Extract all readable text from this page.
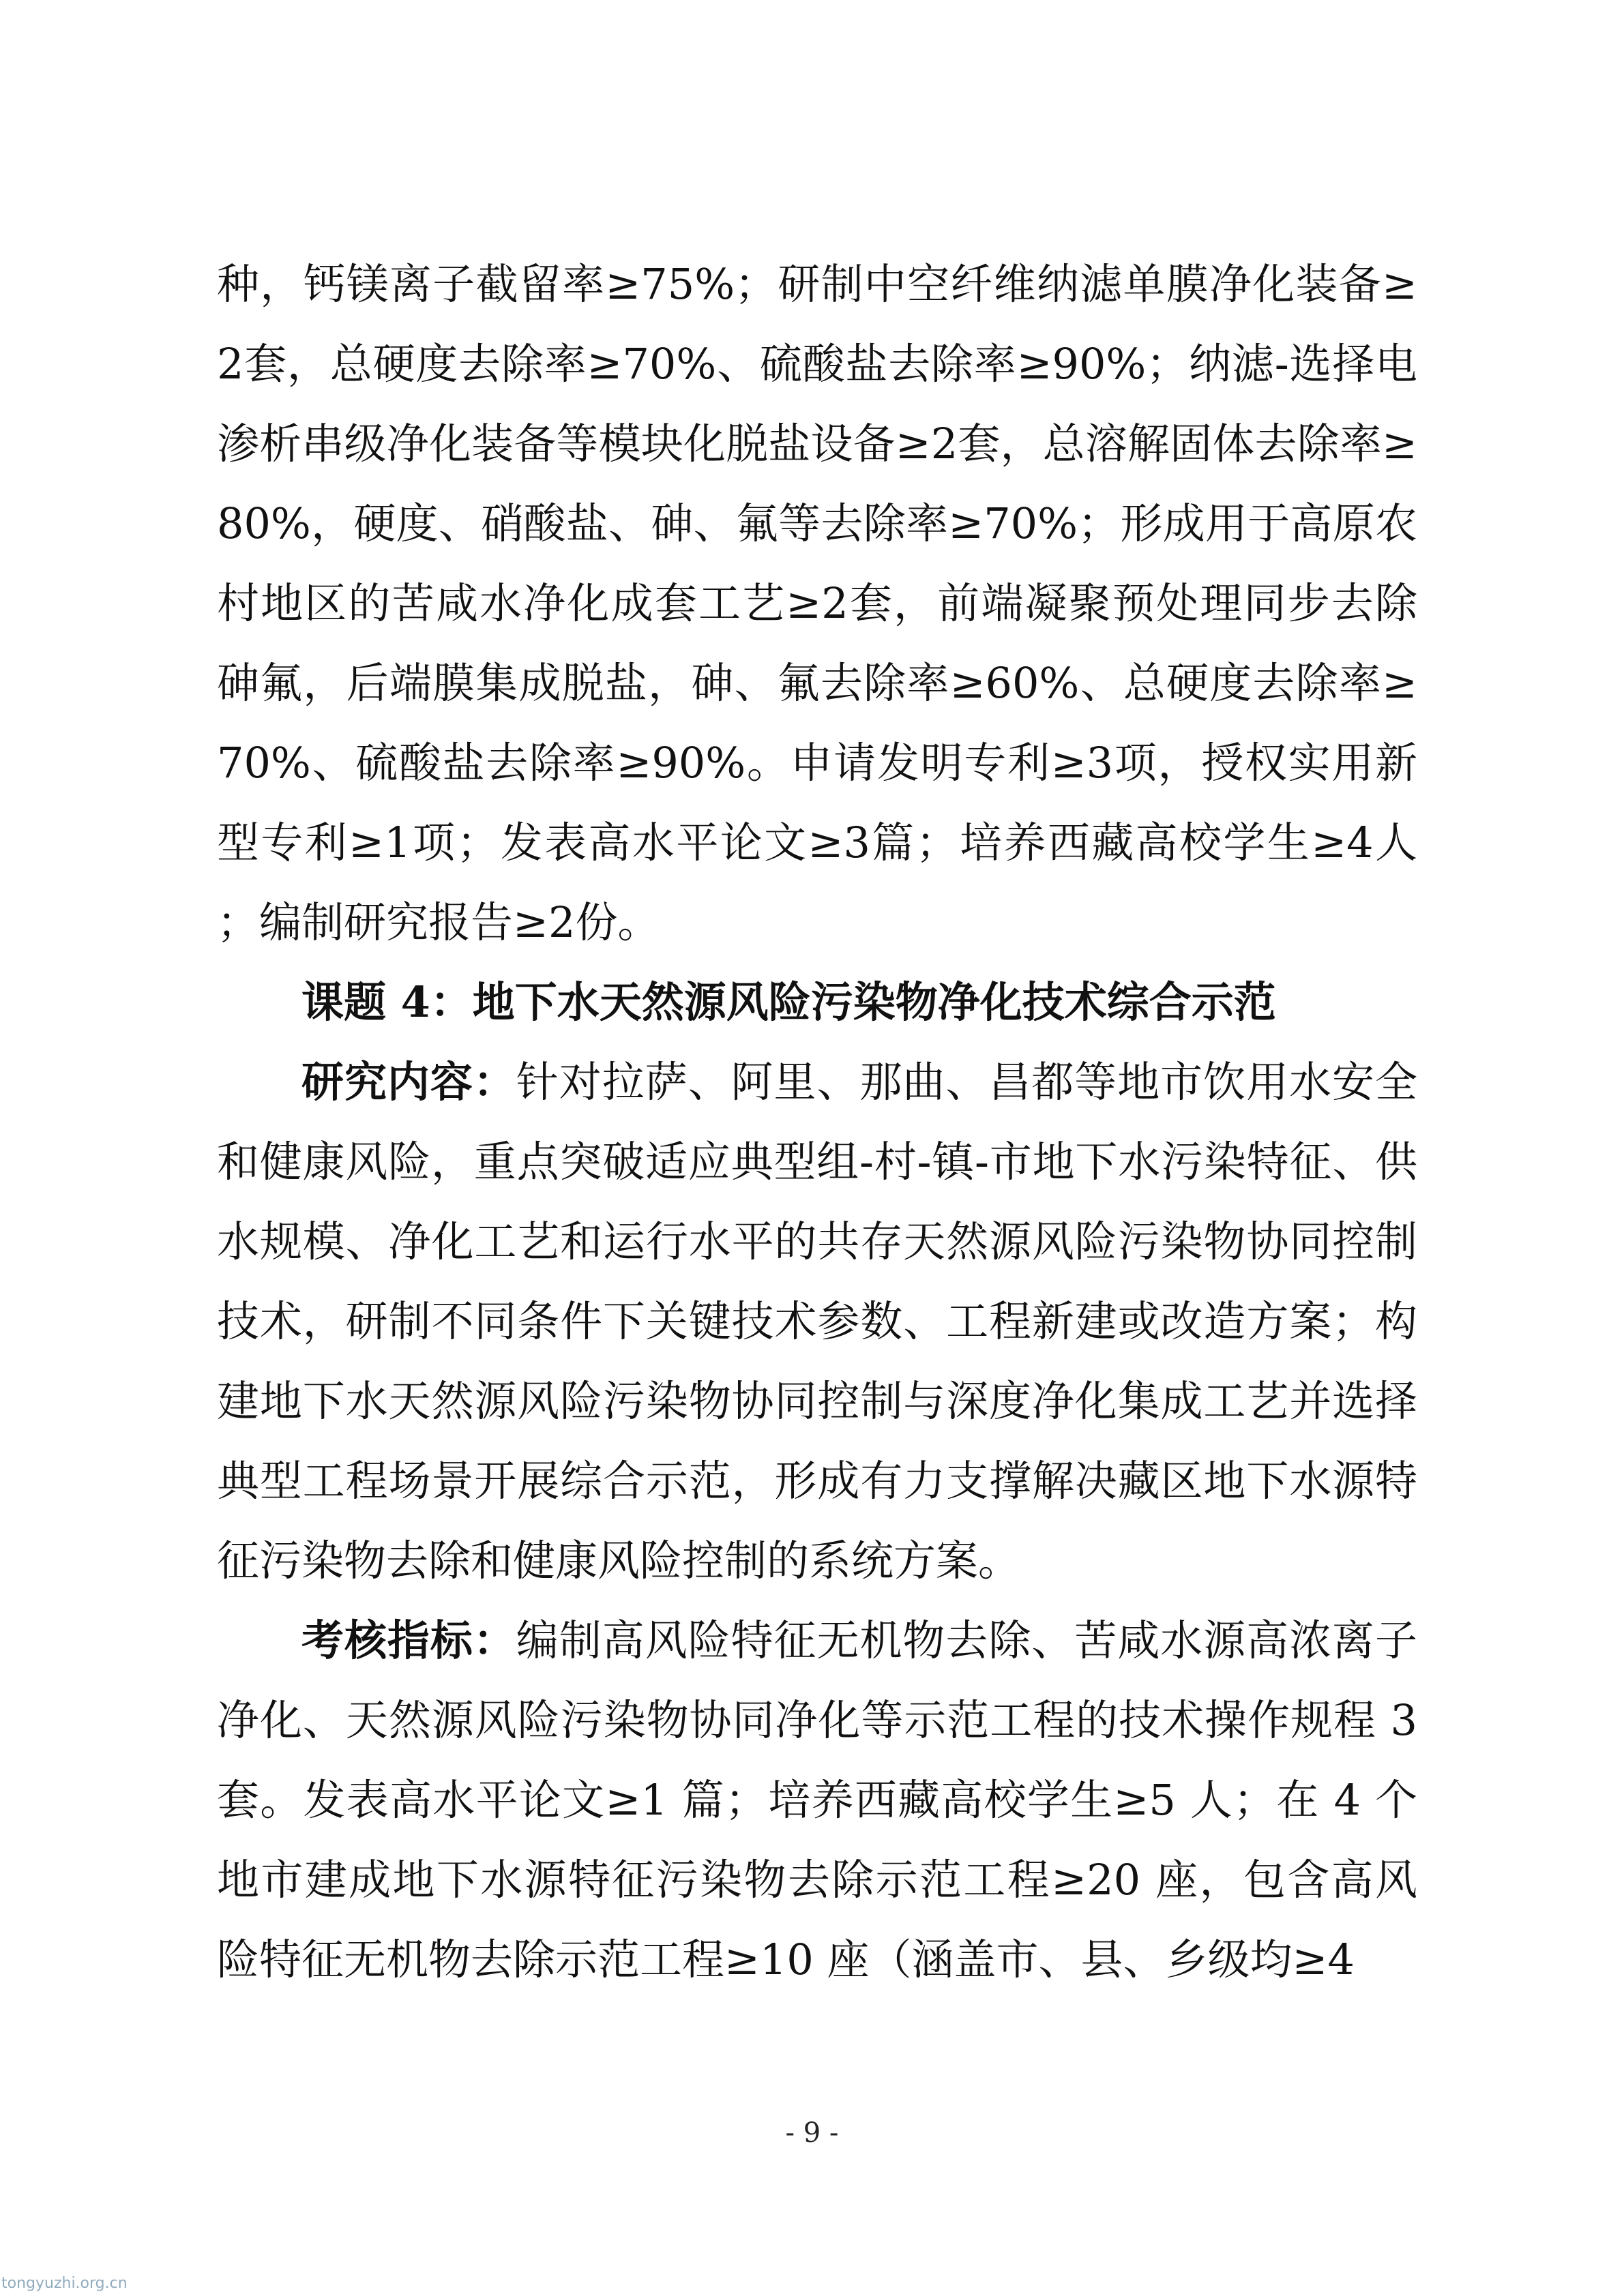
种，钙镁离子截留率≥75%；研制中空纤维纳滤单膜净化装备≥2套，总硬度去除率≥70%、硫酸盐去除率≥90%；纳滤-选择电渗析串级净化装备等模块化脱盐设备≥2套，总溶解固体去除率≥80%，硬度、硝酸盐、砷、氟等去除率≥70%；形成用于高原农村地区的苦咸水净化成套工艺≥2套，前端凝聚预处理同步去除砷氟，后端膜集成脱盐，砷、氟去除率≥60%、总硬度去除率≥70%、硫酸盐去除率≥90%。申请发明专利≥3项，授权实用新型专利≥1项；发表高水平论文≥3篇；培养西藏高校学生≥4人；编制研究报告≥2份。

课题 4：地下水天然源风险污染物净化技术综合示范

研究内容：针对拉萨、阿里、那曲、昌都等地市饮用水安全和健康风险，重点突破适应典型组-村-镇-市地下水污染特征、供水规模、净化工艺和运行水平的共存天然源风险污染物协同控制技术，研制不同条件下关键技术参数、工程新建或改造方案；构建地下水天然源风险污染物协同控制与深度净化集成工艺并选择典型工程场景开展综合示范，形成有力支撑解决藏区地下水源特征污染物去除和健康风险控制的系统方案。

考核指标：编制高风险特征无机物去除、苦咸水源高浓离子净化、天然源风险污染物协同净化等示范工程的技术操作规程 3 套。发表高水平论文≥1 篇；培养西藏高校学生≥5 人；在 4 个地市建成地下水源特征污染物去除示范工程≥20 座，包含高风险特征无机物去除示范工程≥10 座（涵盖市、县、乡级均≥4

- 9 -
tongyuzhi.org.cn
